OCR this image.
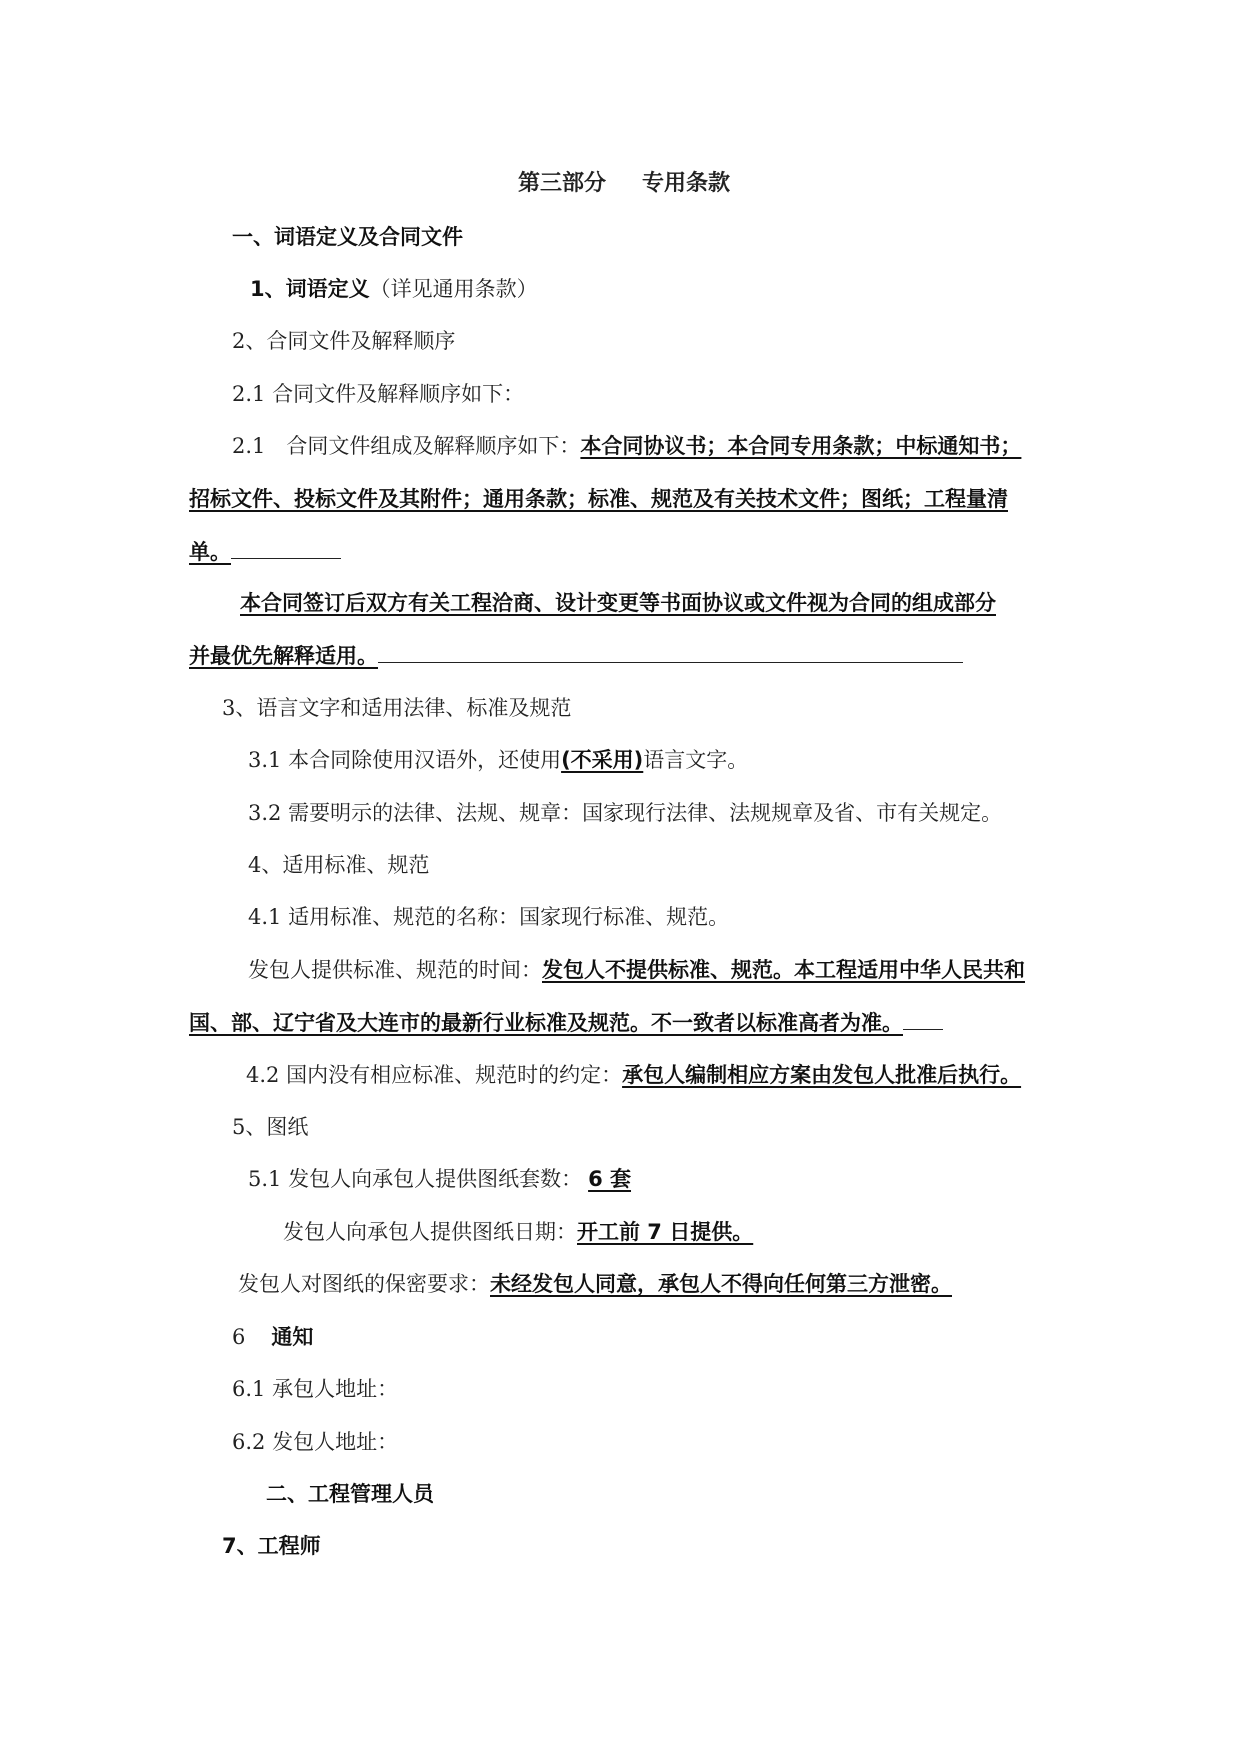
第三部分 专用条款
一、词语定义及合同文件
1、词语定义（详见通用条款）
2、合同文件及解释顺序
2.1 合同文件及解释顺序如下：
2.1　合同文件组成及解释顺序如下：本合同协议书；本合同专用条款；中标通知书；
招标文件、投标文件及其附件；通用条款；标准、规范及有关技术文件；图纸；工程量清
单。
本合同签订后双方有关工程洽商、设计变更等书面协议或文件视为合同的组成部分
并最优先解释适用。
3、语言文字和适用法律、标准及规范
3.1 本合同除使用汉语外，还使用(不采用)语言文字。
3.2 需要明示的法律、法规、规章：国家现行法律、法规规章及省、市有关规定。
4、适用标准、规范
4.1 适用标准、规范的名称：国家现行标准、规范。
发包人提供标准、规范的时间：发包人不提供标准、规范。本工程适用中华人民共和
国、部、辽宁省及大连市的最新行业标准及规范。不一致者以标准高者为准。
4.2 国内没有相应标准、规范时的约定：承包人编制相应方案由发包人批准后执行。
5、图纸
5.1 发包人向承包人提供图纸套数： 6 套
发包人向承包人提供图纸日期：开工前 7 日提供。
发包人对图纸的保密要求：未经发包人同意，承包人不得向任何第三方泄密。
6 通知
6.1 承包人地址：
6.2 发包人地址：
二、工程管理人员
7、工程师
